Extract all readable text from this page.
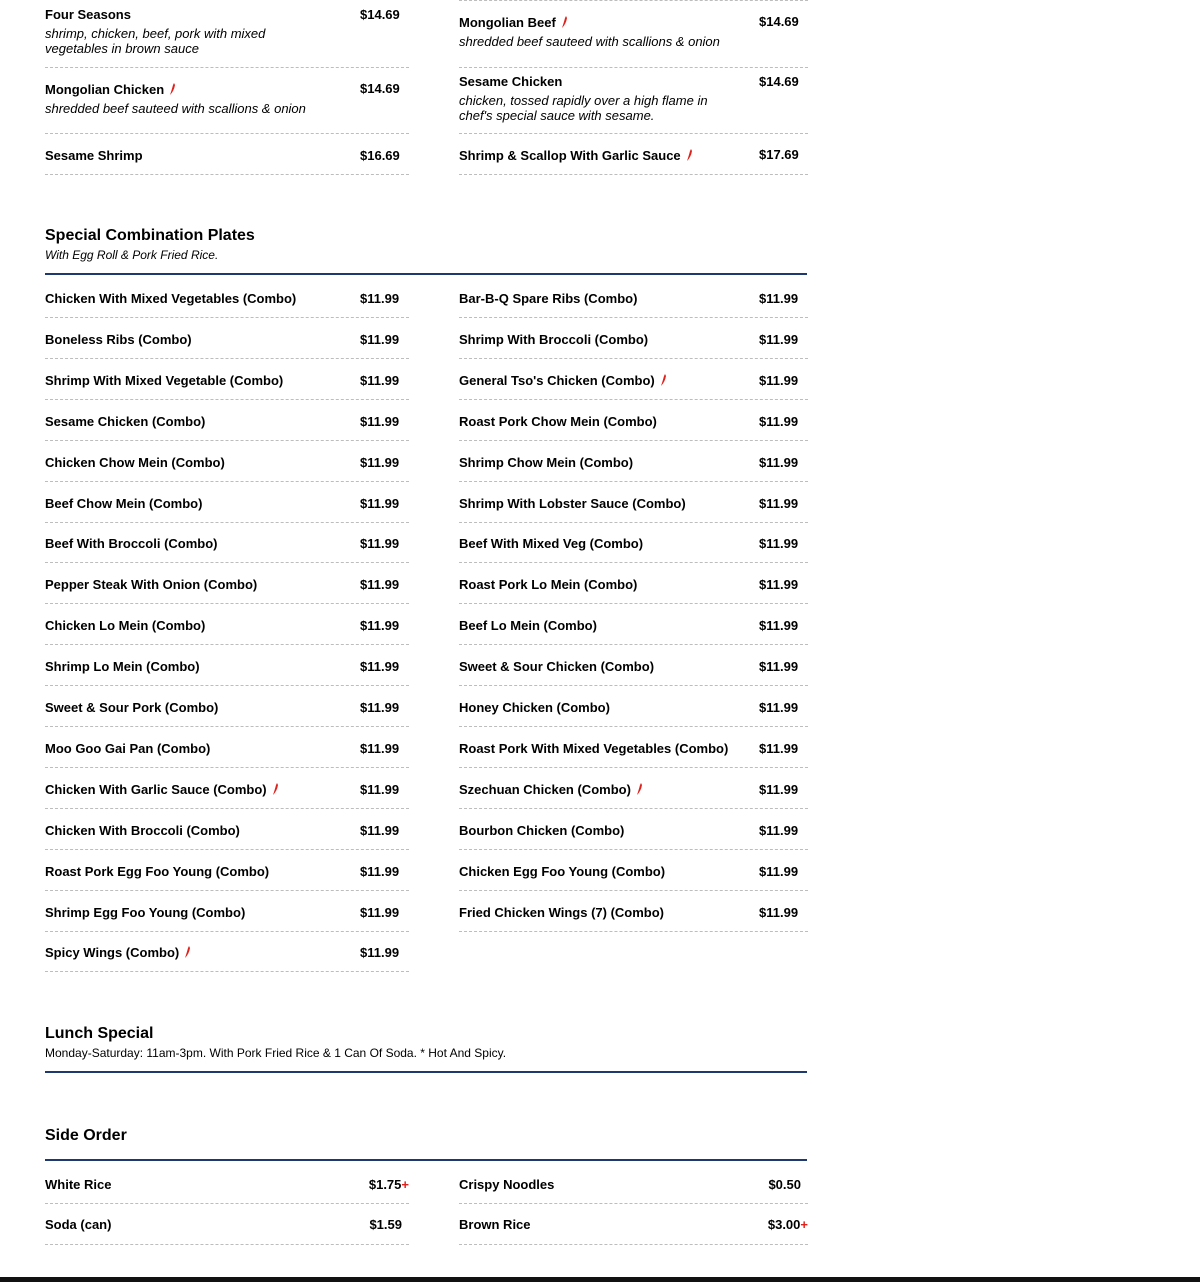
Four Seasons	$14.69
shrimp, chicken, beef, pork with mixed vegetables in brown sauce
Mongolian Chicken	$14.69
shredded beef sauteed with scallions & onion
Sesame Shrimp	$16.69
Mongolian Beef	$14.69
shredded beef sauteed with scallions & onion
Sesame Chicken	$14.69
chicken, tossed rapidly over a high flame in chef's special sauce with sesame.
Shrimp & Scallop With Garlic Sauce	$17.69
Special Combination Plates
With Egg Roll & Pork Fried Rice.
Chicken With Mixed Vegetables (Combo)	$11.99
Boneless Ribs (Combo)	$11.99
Shrimp With Mixed Vegetable (Combo)	$11.99
Sesame Chicken (Combo)	$11.99
Chicken Chow Mein (Combo)	$11.99
Beef Chow Mein (Combo)	$11.99
Beef With Broccoli (Combo)	$11.99
Pepper Steak With Onion (Combo)	$11.99
Chicken Lo Mein (Combo)	$11.99
Shrimp Lo Mein (Combo)	$11.99
Sweet & Sour Pork (Combo)	$11.99
Moo Goo Gai Pan (Combo)	$11.99
Chicken With Garlic Sauce (Combo)	$11.99
Chicken With Broccoli (Combo)	$11.99
Roast Pork Egg Foo Young (Combo)	$11.99
Shrimp Egg Foo Young (Combo)	$11.99
Spicy Wings (Combo)	$11.99
Bar-B-Q Spare Ribs (Combo)	$11.99
Shrimp With Broccoli (Combo)	$11.99
General Tso's Chicken (Combo)	$11.99
Roast Pork Chow Mein (Combo)	$11.99
Shrimp Chow Mein (Combo)	$11.99
Shrimp With Lobster Sauce (Combo)	$11.99
Beef With Mixed Veg (Combo)	$11.99
Roast Pork Lo Mein (Combo)	$11.99
Beef Lo Mein (Combo)	$11.99
Sweet & Sour Chicken (Combo)	$11.99
Honey Chicken (Combo)	$11.99
Roast Pork With Mixed Vegetables (Combo) $11.99
Szechuan Chicken (Combo)	$11.99
Bourbon Chicken (Combo)	$11.99
Chicken Egg Foo Young (Combo)	$11.99
Fried Chicken Wings (7) (Combo)	$11.99
Lunch Special
Monday-Saturday: 11am-3pm. With Pork Fried Rice & 1 Can Of Soda. * Hot And Spicy.
Side Order
White Rice	$1.75+
Soda (can)	$1.59
Crispy Noodles	$0.50
Brown Rice	$3.00+
